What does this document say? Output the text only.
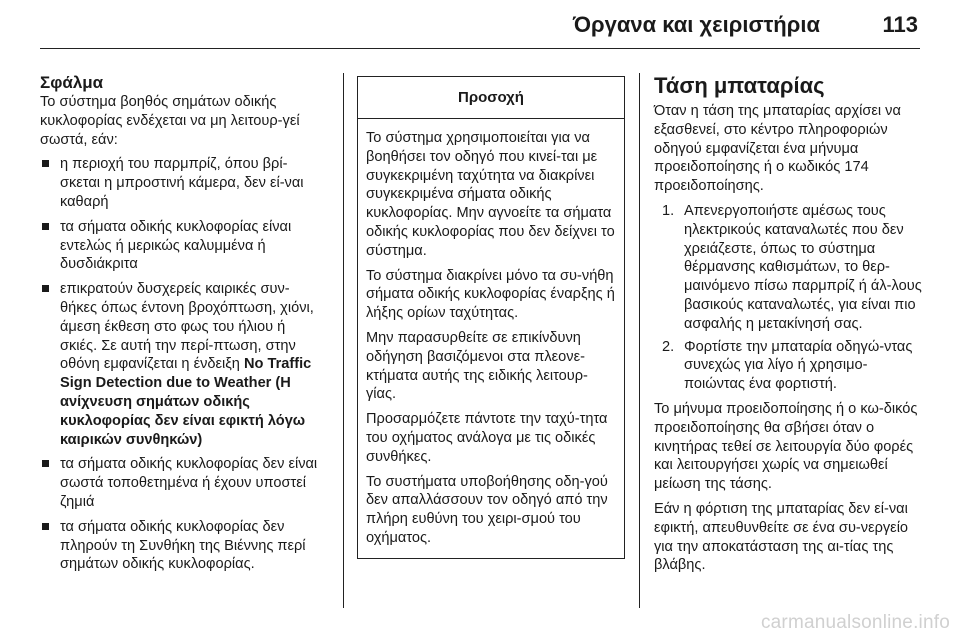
Όργανα και χειριστήρια	113
Σφάλμα

Το σύστημα βοηθός σημάτων οδικής κυκλοφορίας ενδέχεται να μη λειτουρ-γεί σωστά, εάν:

η περιοχή του παρμπρίζ, όπου βρί-σκεται η μπροστινή κάμερα, δεν εί-ναι καθαρή
τα σήματα οδικής κυκλοφορίας είναι εντελώς ή μερικώς καλυμμένα ή δυσδιάκριτα
επικρατούν δυσχερείς καιρικές συν-θήκες όπως έντονη βροχόπτωση, χιόνι, άμεση έκθεση στο φως του ήλιου ή σκιές. Σε αυτή την περί-πτωση, στην οθόνη εμφανίζεται η ένδειξη No Traffic Sign Detection due to Weather (Η ανίχνευση σημάτων οδικής κυκλοφορίας δεν είναι εφικτή λόγω καιρικών συνθηκών)
τα σήματα οδικής κυκλοφορίας δεν είναι σωστά τοποθετημένα ή έχουν υποστεί ζημιά
τα σήματα οδικής κυκλοφορίας δεν πληρούν τη Συνθήκη της Βιέννης περί σημάτων οδικής κυκλοφορίας.
Προσοχή

Το σύστημα χρησιμοποιείται για να βοηθήσει τον οδηγό που κινεί-ται με συγκεκριμένη ταχύτητα να διακρίνει συγκεκριμένα σήματα οδικής κυκλοφορίας. Μην αγνοείτε τα σήματα οδικής κυκλοφορίας που δεν δείχνει το σύστημα.

Το σύστημα διακρίνει μόνο τα συ-νήθη σήματα οδικής κυκλοφορίας έναρξης ή λήξης ορίων ταχύτητας.

Μην παρασυρθείτε σε επικίνδυνη οδήγηση βασιζόμενοι στα πλεονε-κτήματα αυτής της ειδικής λειτουρ-γίας.

Προσαρμόζετε πάντοτε την ταχύ-τητα του οχήματος ανάλογα με τις οδικές συνθήκες.

Το συστήματα υποβοήθησης οδη-γού δεν απαλλάσσουν τον οδηγό από την πλήρη ευθύνη του χειρι-σμού του οχήματος.

Τάση μπαταρίας

Όταν η τάση της μπαταρίας αρχίσει να εξασθενεί, στο κέντρο πληροφοριών οδηγού εμφανίζεται ένα μήνυμα προειδοποίησης ή ο κωδικός 174 προειδοποίησης.

1. Απενεργοποιήστε αμέσως τους ηλεκτρικούς καταναλωτές που δεν χρειάζεστε, όπως το σύστημα θέρμανσης καθισμάτων, το θερ-μαινόμενο πίσω παρμπρίζ ή άλ-λους βασικούς καταναλωτές, για είναι πιο ασφαλής η μετακίνησή σας.
2. Φορτίστε την μπαταρία οδηγώ-ντας συνεχώς για λίγο ή χρησιμο-ποιώντας ένα φορτιστή.

Το μήνυμα προειδοποίησης ή ο κω-δικός προειδοποίησης θα σβήσει όταν ο κινητήρας τεθεί σε λειτουργία δύο φορές και λειτουργήσει χωρίς να σημειωθεί μείωση της τάσης.

Εάν η φόρτιση της μπαταρίας δεν εί-ναι εφικτή, απευθυνθείτε σε ένα συ-νεργείο για την αποκατάσταση της αι-τίας της βλάβης.

carmanualsonline.info
